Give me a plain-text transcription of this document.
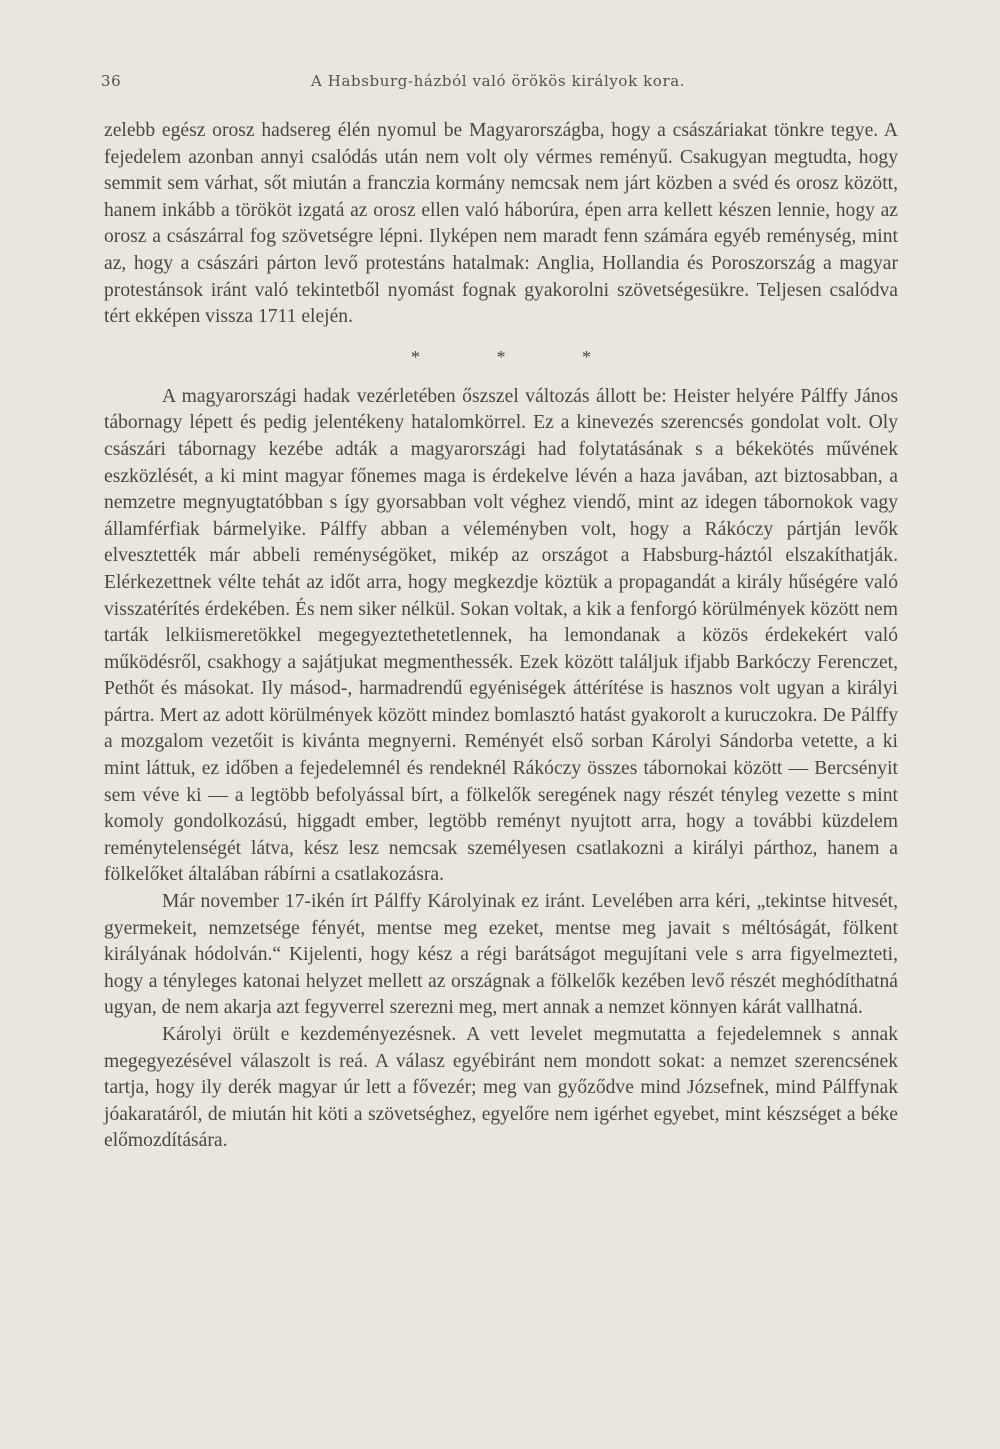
36	A Habsburg-házból való örökös királyok kora.

zelebb egész orosz hadsereg élén nyomul be Magyarországba, hogy a császáriakat tönkre tegye. A fejedelem azonban annyi csalódás után nem volt oly vérmes reményű. Csakugyan megtudta, hogy semmit sem várhat, sőt miután a franczia kormány nemcsak nem járt közben a svéd és orosz között, hanem inkább a törököt izgatá az orosz ellen való háborúra, épen arra kellett készen lennie, hogy az orosz a császárral fog szövetségre lépni. Ilyképen nem maradt fenn számára egyéb reménység, mint az, hogy a császári párton levő protestáns hatalmak: Anglia, Hollandia és Poroszország a magyar protestánsok iránt való tekintetből nyomást fognak gyakorolni szövetségesükre. Teljesen csalódva tért ekképen vissza 1711 elején.

* * *

A magyarországi hadak vezérletében őszszel változás állott be: Heister helyére Pálffy János tábornagy lépett és pedig jelentékeny hatalomkörrel. Ez a kinevezés szerencsés gondolat volt. Oly császári tábornagy kezébe adták a magyarországi had folytatásának s a békekötés művének eszközlését, a ki mint magyar főnemes maga is érdekelve lévén a haza javában, azt biztosabban, a nemzetre megnyugtatóbban s így gyorsabban volt véghez viendő, mint az idegen tábornokok vagy államférfiak bármelyike. Pálffy abban a véleményben volt, hogy a Rákóczy pártján levők elvesztették már abbeli reménységöket, mikép az országot a Habsburg-háztól elszakíthatják. Elérkezettnek vélte tehát az időt arra, hogy megkezdje köztük a propagandát a király hűségére való visszatérítés érdekében. És nem siker nélkül. Sokan voltak, a kik a fenforgó körülmények között nem tarták lelkiismeretökkel megegyeztethetetlennek, ha lemondanak a közös érdekekért való működésről, csakhogy a sajátjukat megmenthessék. Ezek között találjuk ifjabb Barkóczy Ferenczet, Pethőt és másokat. Ily másod-, harmadrendű egyéniségek áttérítése is hasznos volt ugyan a királyi pártra. Mert az adott körülmények között mindez bomlasztó hatást gyakorolt a kuruczokra. De Pálffy a mozgalom vezetőit is kivánta megnyerni. Reményét első sorban Károlyi Sándorba vetette, a ki mint láttuk, ez időben a fejedelemnél és rendeknél Rákóczy összes tábornokai között — Bercsényit sem véve ki — a legtöbb befolyással bírt, a fölkelők seregének nagy részét tényleg vezette s mint komoly gondolkozású, higgadt ember, legtöbb reményt nyujtott arra, hogy a további küzdelem reménytelenségét látva, kész lesz nemcsak személyesen csatlakozni a királyi párthoz, hanem a fölkelőket általában rábírni a csatlakozásra.

Már november 17-ikén írt Pálffy Károlyinak ez iránt. Levelében arra kéri, „tekintse hitvesét, gyermekeit, nemzetsége fényét, mentse meg ezeket, mentse meg javait s méltóságát, fölkent királyának hódolván.“ Kijelenti, hogy kész a régi barátságot megujítani vele s arra figyelmezteti, hogy a tényleges katonai helyzet mellett az országnak a fölkelők kezében levő részét meghódíthatná ugyan, de nem akarja azt fegyverrel szerezni meg, mert annak a nemzet könnyen kárát vallhatná.

Károlyi örült e kezdeményezésnek. A vett levelet megmutatta a fejedelemnek s annak megegyezésével válaszolt is reá. A válasz egyébiránt nem mondott sokat: a nemzet szerencsének tartja, hogy ily derék magyar úr lett a fővezér; meg van győződve mind Józsefnek, mind Pálffynak jóakaratáról, de miután hit köti a szövetséghez, egyelőre nem igérhet egyebet, mint készséget a béke előmozdítására.
